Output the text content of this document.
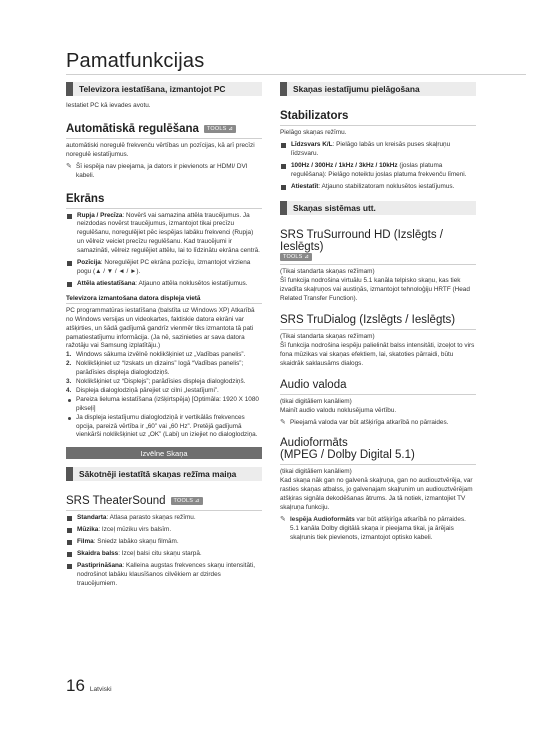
Pamatfunkcijas
Televizora iestatīšana, izmantojot PC
Iestatiet PC kā ievades avotu.
Automātiskā regulēšana	TOOLS ⊿
automātiski noregulē frekvenču vērtības un pozīcijas, kā arī precīzi noregulē iestatījumus.
✎ Šī iespēja nav pieejama, ja dators ir pievienots ar HDMI/ DVI kabeli.
Ekrāns
Rupja / Precīza: Novērš vai samazina attēla traucējumus. Ja neizdodas novērst traucējumus, izmantojot tikai precīzu regulēšanu, noregulējiet pēc iespējas labāku frekvenci (Rupja) un vēlreiz veiciet precīzu regulēšanu. Kad traucējumi ir samazināti, vēlreiz regulējiet attēlu, lai to līdzinātu ekrāna centrā.
Pozīcija: Noregulējiet PC ekrāna pozīciju, izmantojot virziena pogu (▲ / ▼ / ◄ / ►).
Attēla atiestatīšana: Atjauno attēla noklusētos iestatījumus.
Televizora izmantošana datora displeja vietā
PC programmatūras iestatīšana (balstīta uz Windows XP) Atkarībā no Windows versijas un videokartes, faktiskie datora ekrāni var atšķirties, un šādā gadījumā gandrīz vienmēr tiks izmantota tā pati pamatiestatījumu informācija. (Ja nē, sazinieties ar sava datora ražotāju vai Samsung izplatītāju.)
1. Windows sākuma izvēlnē noklikšķiniet uz „Vadības panelis”.
2. Noklikšķiniet uz “Izskats un dizains” logā “Vadības panelis”; parādīsies displeja dialoglodziņš.
3. Noklikšķiniet uz “Displejs”; parādīsies displeja dialoglodziņš.
4. Displeja dialoglodziņā pārejiet uz cilni „Iestatījumi”.
Pareiza lieluma iestatīšana (izšķirtspēja) [Optimāla: 1920 X 1080 pikseļi]
Ja displeja iestatījumu dialoglodziņā ir vertikālās frekvences opcija, pareizā vērtība ir „60” vai „60 Hz”. Pretējā gadījumā vienkārši noklikšķiniet uz „OK” (Labi) un iziejiet no dialoglodziņa.
Izvēlne Skaņa
Sākotnēji iestatītā skaņas režīma maiņa
SRS TheaterSound	TOOLS ⊿
Standarta: Atlasa parasto skaņas režīmu.
Mūzika: Izceļ mūziku virs balsīm.
Filma: Sniedz labāko skaņu filmām.
Skaidra balss: Izceļ balsi citu skaņu starpā.
Pastiprināšana: Kalleina augstas frekvences skaņu intensitāti, nodrošinot labāku klausīšanos cilvēkiem ar dzirdes traucējumiem.
Skaņas iestatījumu pielāgošana
Stabilizators
Pielāgo skaņas režīmu.
Līdzsvars K/L: Pielāgo labās un kreisās puses skaļruņu līdzsvaru.
100Hz / 300Hz / 1kHz / 3kHz / 10kHz (joslas platuma regulēšana): Pielāgo noteiktu joslas platuma frekvenču līmeni.
Atiestatīt: Atjauno stabilizatoram noklusētos iestatījumus.
Skaņas sistēmas utt.
SRS TruSurround HD (Izslēgts / Ieslēgts)
TOOLS ⊿
(Tikai standarta skaņas režīmam)
Šī funkcija nodrošina virtuālu 5.1 kanāla telpisko skaņu, kas tiek izvadīta skaļruņos vai austiņās, izmantojot tehnoloģiju HRTF (Head Related Transfer Function).
SRS TruDialog (Izslēgts / Ieslēgts)
(Tikai standarta skaņas režīmam)
Šī funkcija nodrošina iespēju palielināt balss intensitāti, izceļot to virs fona mūzikas vai skaņas efektiem, lai, skatoties pārraidi, būtu skaidrāk saklausāms dialogs.
Audio valoda
(tikai digitāliem kanāliem)
Mainīt audio valodu noklusējuma vērtību.
✎ Pieejamā valoda var būt atšķirīga atkarībā no pārraides.
Audioformāts

(MPEG / Dolby Digital 5.1)
(tikai digitāliem kanāliem)
Kad skaņa nāk gan no galvenā skaļruņa, gan no audiouztvērēja, var rasties skaņas atbalss, jo galvenajam skaļrunim un audiouztvērējam atšķiras signāla dekodēšanas ātrums. Ja tā notiek, izmantojiet TV skaļruņa funkciju.
✎ Iespēja Audioformāts var būt atšķirīga atkarībā no pārraides. 5.1 kanāla Dolby digitālā skaņa ir pieejama tikai, ja ārējais skaļrunis tiek pievienots, izmantojot optisko kabeli.
16 Latviski
